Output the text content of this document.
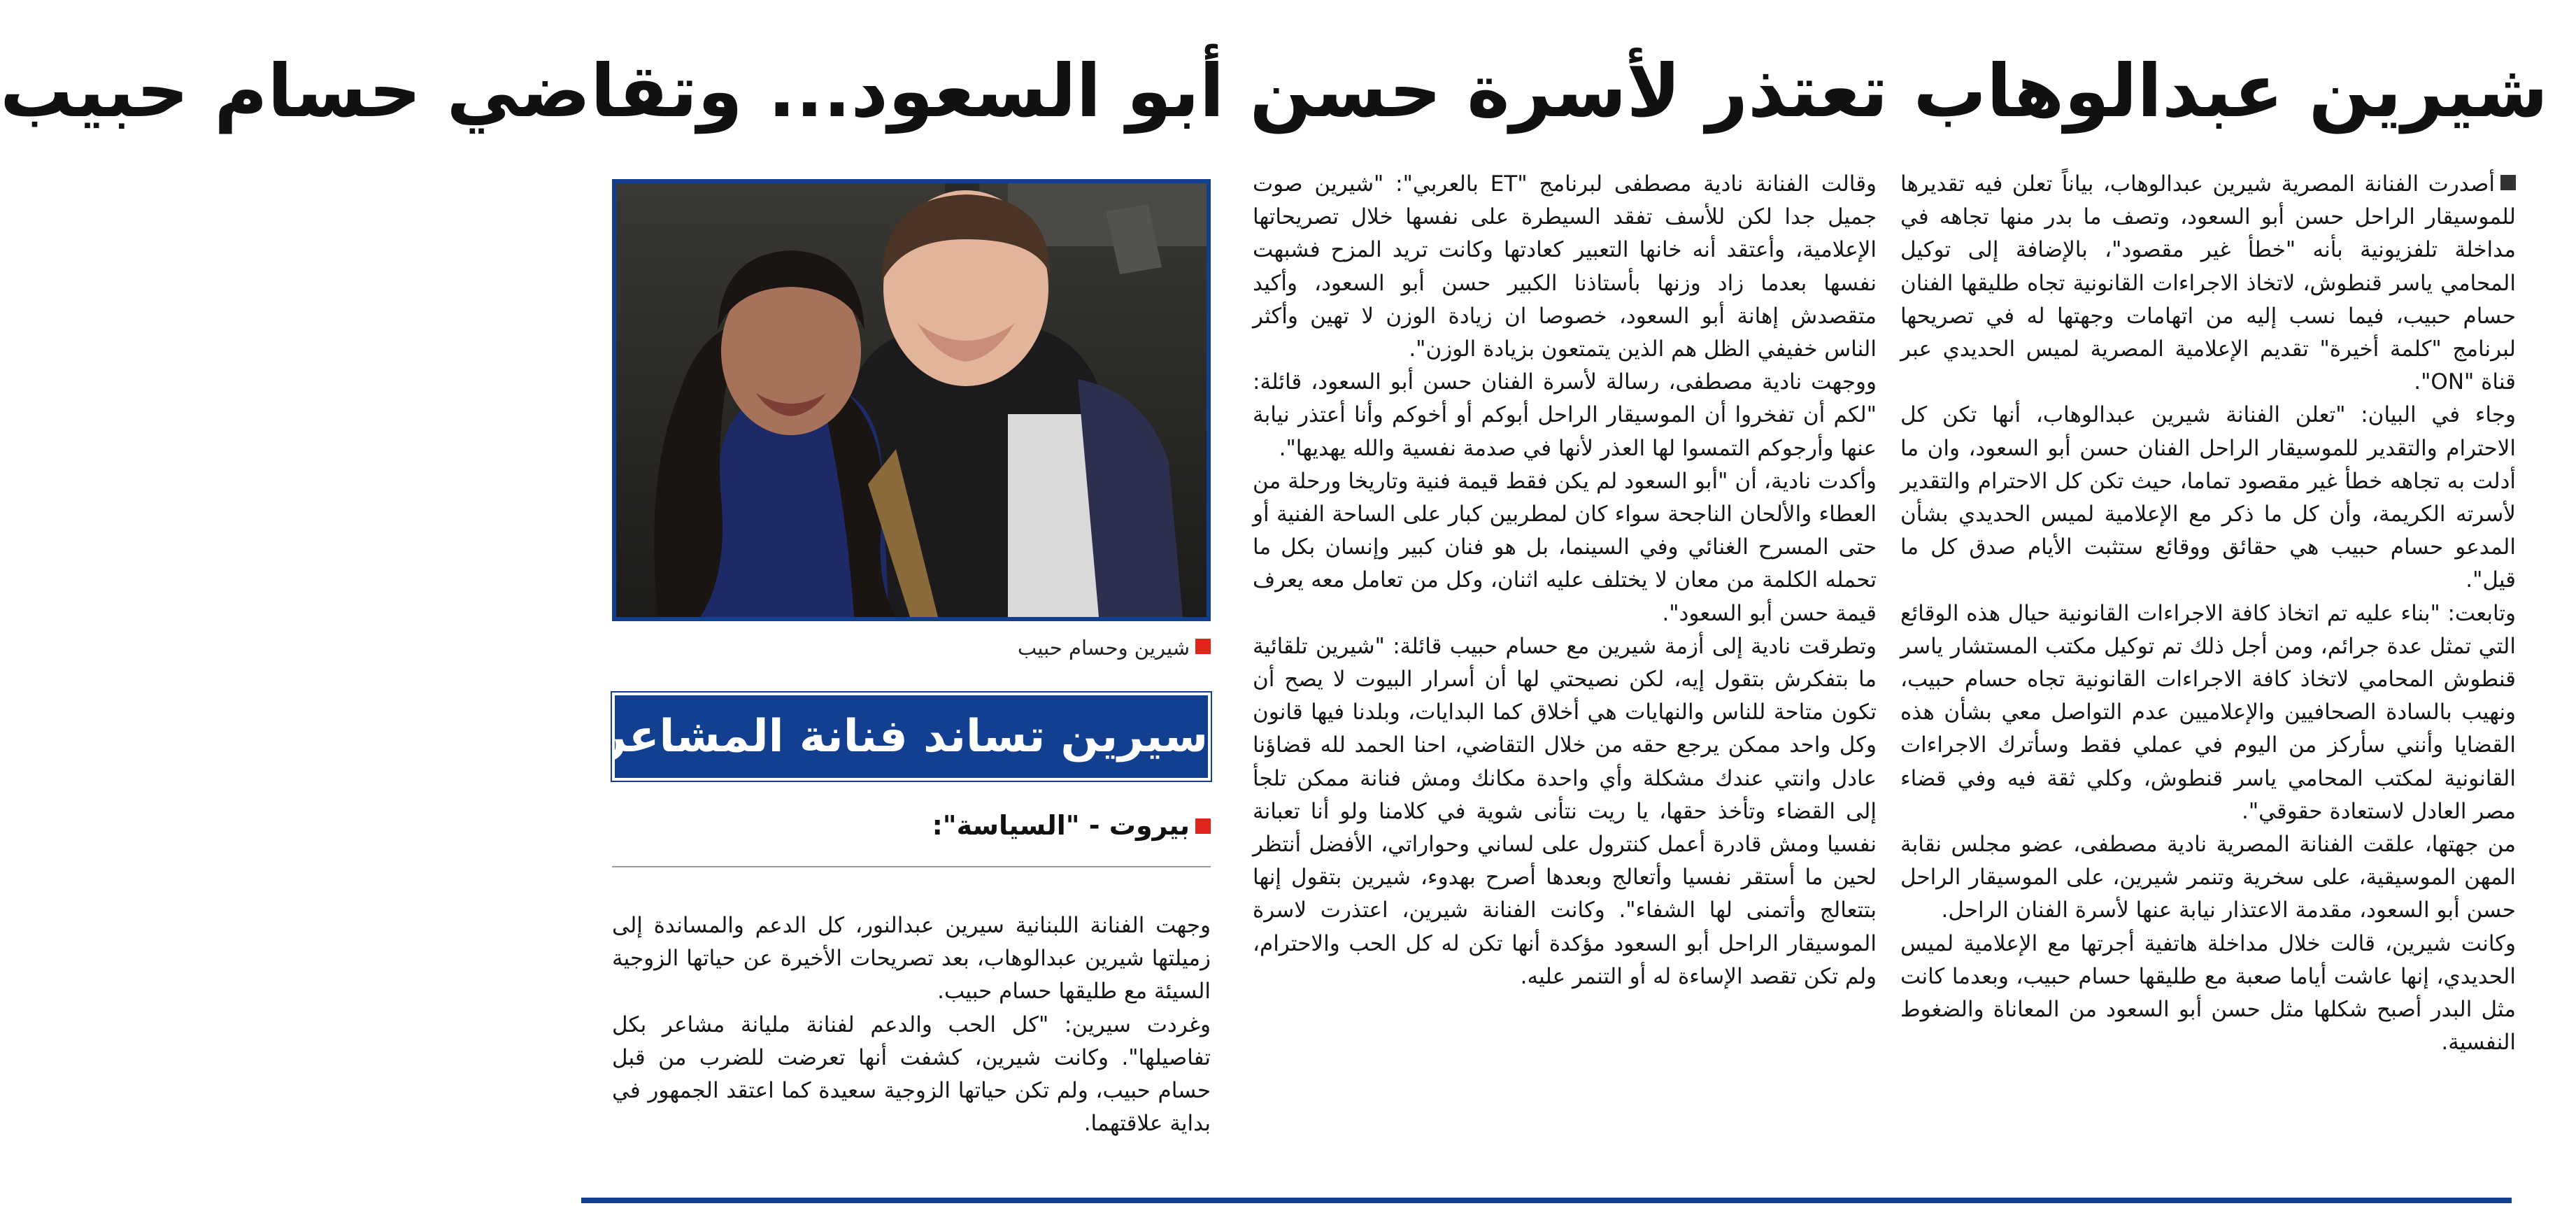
شيرين عبدالوهاب تعتذر لأسرة حسن أبو السعود... وتقاضي حسام حبيب

أصدرت الفنانة المصرية شيرين عبدالوهاب، بياناً تعلن فيه تقديرها للموسيقار الراحل حسن أبو السعود، وتصف ما بدر منها تجاهه في مداخلة تلفزيونية بأنه "خطأ غير مقصود"، بالإضافة إلى توكيل المحامي ياسر قنطوش، لاتخاذ الاجراءات القانونية تجاه طليقها الفنان حسام حبيب، فيما نسب إليه من اتهامات وجهتها له في تصريحها لبرنامج "كلمة أخيرة" تقديم الإعلامية المصرية لميس الحديدي عبر قناة "ON".

وجاء في البيان: "تعلن الفنانة شيرين عبدالوهاب، أنها تكن كل الاحترام والتقدير للموسيقار الراحل الفنان حسن أبو السعود، وان ما أدلت به تجاهه خطأ غير مقصود تماما، حيث تكن كل الاحترام والتقدير لأسرته الكريمة، وأن كل ما ذكر مع الإعلامية لميس الحديدي بشأن المدعو حسام حبيب هي حقائق ووقائع ستثبت الأيام صدق كل ما قيل".

وتابعت: "بناء عليه تم اتخاذ كافة الاجراءات القانونية حيال هذه الوقائع التي تمثل عدة جرائم، ومن أجل ذلك تم توكيل مكتب المستشار ياسر قنطوش المحامي لاتخاذ كافة الاجراءات القانونية تجاه حسام حبيب، ونهيب بالسادة الصحافيين والإعلاميين عدم التواصل معي بشأن هذه القضايا وأنني سأركز من اليوم في عملي فقط وسأترك الاجراءات القانونية لمكتب المحامي ياسر قنطوش، وكلي ثقة فيه وفي قضاء مصر العادل لاستعادة حقوقي".

من جهتها، علقت الفنانة المصرية نادية مصطفى، عضو مجلس نقابة المهن الموسيقية، على سخرية وتنمر شيرين، على الموسيقار الراحل حسن أبو السعود، مقدمة الاعتذار نيابة عنها لأسرة الفنان الراحل.

وكانت شيرين، قالت خلال مداخلة هاتفية أجرتها مع الإعلامية لميس الحديدي، إنها عاشت أياما صعبة مع طليقها حسام حبيب، وبعدما كانت مثل البدر أصبح شكلها مثل حسن أبو السعود من المعاناة والضغوط النفسية.

وقالت الفنانة نادية مصطفى لبرنامج "ET بالعربي": "شيرين صوت جميل جدا لكن للأسف تفقد السيطرة على نفسها خلال تصريحاتها الإعلامية، وأعتقد أنه خانها التعبير كعادتها وكانت تريد المزح فشبهت نفسها بعدما زاد وزنها بأستاذنا الكبير حسن أبو السعود، وأكيد متقصدش إهانة أبو السعود، خصوصا ان زيادة الوزن لا تهين وأكثر الناس خفيفي الظل هم الذين يتمتعون بزيادة الوزن".

ووجهت نادية مصطفى، رسالة لأسرة الفنان حسن أبو السعود، قائلة: "لكم أن تفخروا أن الموسيقار الراحل أبوكم أو أخوكم وأنا أعتذر نيابة عنها وأرجوكم التمسوا لها العذر لأنها في صدمة نفسية والله يهديها".

وأكدت نادية، أن "أبو السعود لم يكن فقط قيمة فنية وتاريخا ورحلة من العطاء والألحان الناجحة سواء كان لمطربين كبار على الساحة الفنية أو حتى المسرح الغنائي وفي السينما، بل هو فنان كبير وإنسان بكل ما تحمله الكلمة من معان لا يختلف عليه اثنان، وكل من تعامل معه يعرف قيمة حسن أبو السعود".

وتطرقت نادية إلى أزمة شيرين مع حسام حبيب قائلة: "شيرين تلقائية ما بتفكرش بتقول إيه، لكن نصيحتي لها أن أسرار البيوت لا يصح أن تكون متاحة للناس والنهايات هي أخلاق كما البدايات، وبلدنا فيها قانون وكل واحد ممكن يرجع حقه من خلال التقاضي، احنا الحمد لله قضاؤنا عادل وانتي عندك مشكلة وأي واحدة مكانك ومش فنانة ممكن تلجأ إلى القضاء وتأخذ حقها، يا ريت نتأنى شوية في كلامنا ولو أنا تعبانة نفسيا ومش قادرة أعمل كنترول على لساني وحواراتي، الأفضل أنتظر لحين ما أستقر نفسيا وأتعالج وبعدها أصرح بهدوء، شيرين بتقول إنها بتتعالج وأتمنى لها الشفاء". وكانت الفنانة شيرين، اعتذرت لاسرة الموسيقار الراحل أبو السعود مؤكدة أنها تكن له كل الحب والاحترام، ولم تكن تقصد الإساءة له أو التنمر عليه.

شيرين وحسام حبيب

سيرين تساند فنانة المشاعر

بيروت - "السياسة":

وجهت الفنانة اللبنانية سيرين عبدالنور، كل الدعم والمساندة إلى زميلتها شيرين عبدالوهاب، بعد تصريحات الأخيرة عن حياتها الزوجية السيئة مع طليقها حسام حبيب.

وغردت سيرين: "كل الحب والدعم لفنانة مليانة مشاعر بكل تفاصيلها". وكانت شيرين، كشفت أنها تعرضت للضرب من قبل حسام حبيب، ولم تكن حياتها الزوجية سعيدة كما اعتقد الجمهور في بداية علاقتهما.
